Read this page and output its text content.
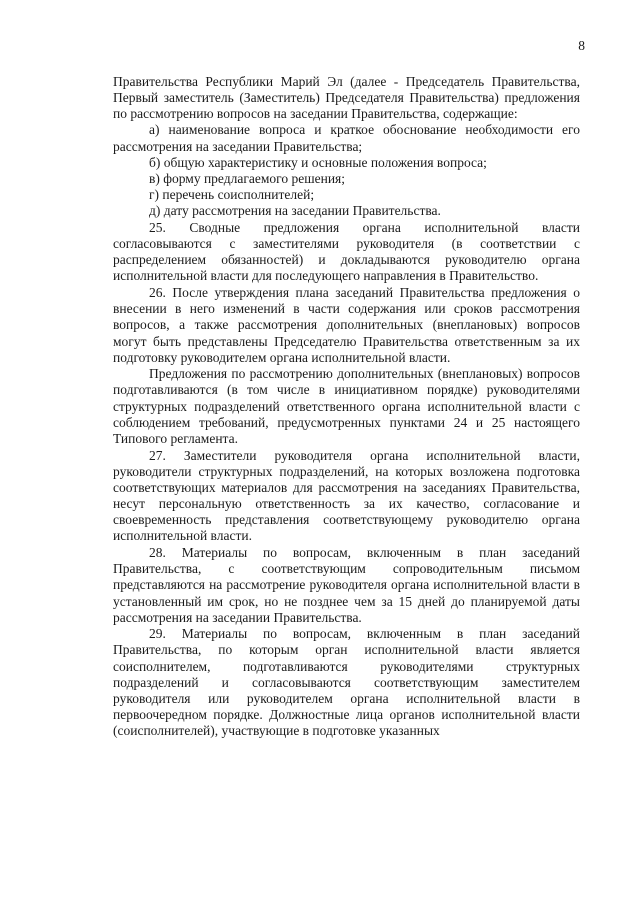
8

Правительства Республики Марий Эл (далее - Председатель Правительства, Первый заместитель (Заместитель) Председателя Правительства) предложения по рассмотрению вопросов на заседании Правительства, содержащие:

а) наименование вопроса и краткое обоснование необходимости его рассмотрения на заседании Правительства;

б) общую характеристику и основные положения вопроса;

в) форму предлагаемого решения;

г) перечень соисполнителей;

д) дату рассмотрения на заседании Правительства.

25. Сводные предложения органа исполнительной власти согласовываются с заместителями руководителя (в соответствии с распределением обязанностей) и докладываются руководителю органа исполнительной власти для последующего направления в Правительство.

26. После утверждения плана заседаний Правительства предложения о внесении в него изменений в части содержания или сроков рассмотрения вопросов, а также рассмотрения дополнительных (внеплановых) вопросов могут быть представлены Председателю Правительства ответственным за их подготовку руководителем органа исполнительной власти.

Предложения по рассмотрению дополнительных (внеплановых) вопросов подготавливаются (в том числе в инициативном порядке) руководителями структурных подразделений ответственного органа исполнительной власти с соблюдением требований, предусмотренных пунктами 24 и 25 настоящего Типового регламента.

27. Заместители руководителя органа исполнительной власти, руководители структурных подразделений, на которых возложена подготовка соответствующих материалов для рассмотрения на заседаниях Правительства, несут персональную ответственность за их качество, согласование и своевременность представления соответствующему руководителю органа исполнительной власти.

28. Материалы по вопросам, включенным в план заседаний Правительства, с соответствующим сопроводительным письмом представляются на рассмотрение руководителя органа исполнительной власти в установленный им срок, но не позднее чем за 15 дней до планируемой даты рассмотрения на заседании Правительства.

29. Материалы по вопросам, включенным в план заседаний Правительства, по которым орган исполнительной власти является соисполнителем, подготавливаются руководителями структурных подразделений и согласовываются соответствующим заместителем руководителя или руководителем органа исполнительной власти в первоочередном порядке. Должностные лица органов исполнительной власти (соисполнителей), участвующие в подготовке указанных
